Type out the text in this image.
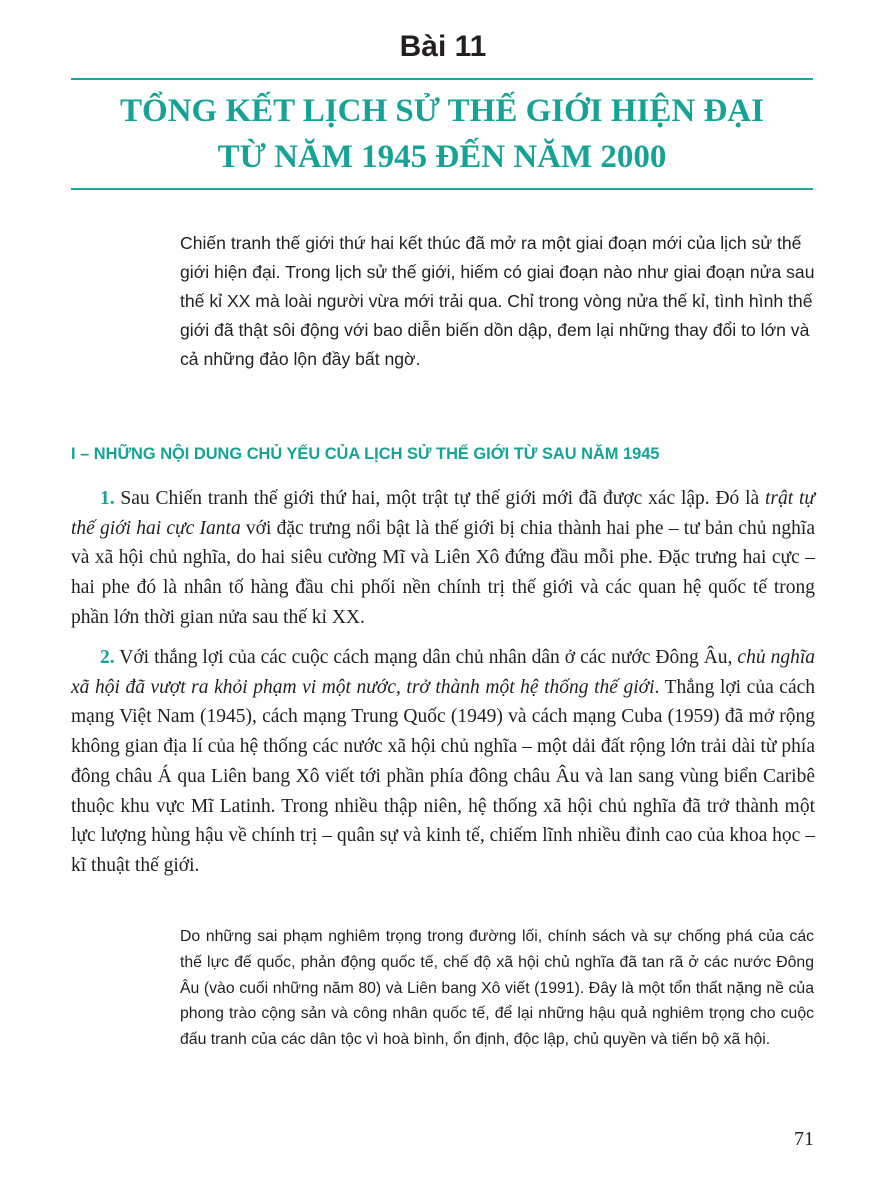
Bài 11
TỔNG KẾT LỊCH SỬ THẾ GIỚI HIỆN ĐẠI
TỪ NĂM 1945 ĐẾN NĂM 2000

Chiến tranh thế giới thứ hai kết thúc đã mở ra một giai đoạn mới của lịch sử thế giới hiện đại. Trong lịch sử thế giới, hiếm có giai đoạn nào như giai đoạn nửa sau thế kỉ XX mà loài người vừa mới trải qua. Chỉ trong vòng nửa thế kỉ, tình hình thế giới đã thật sôi động với bao diễn biến dồn dập, đem lại những thay đổi to lớn và cả những đảo lộn đầy bất ngờ.

I – NHỮNG NỘI DUNG CHỦ YẾU CỦA LỊCH SỬ THẾ GIỚI TỪ SAU NĂM 1945

1. Sau Chiến tranh thế giới thứ hai, một trật tự thế giới mới đã được xác lập. Đó là trật tự thế giới hai cực Ianta với đặc trưng nổi bật là thế giới bị chia thành hai phe – tư bản chủ nghĩa và xã hội chủ nghĩa, do hai siêu cường Mĩ và Liên Xô đứng đầu mỗi phe. Đặc trưng hai cực – hai phe đó là nhân tố hàng đầu chi phối nền chính trị thế giới và các quan hệ quốc tế trong phần lớn thời gian nửa sau thế kỉ XX.

2. Với thắng lợi của các cuộc cách mạng dân chủ nhân dân ở các nước Đông Âu, chủ nghĩa xã hội đã vượt ra khỏi phạm vi một nước, trở thành một hệ thống thế giới. Thắng lợi của cách mạng Việt Nam (1945), cách mạng Trung Quốc (1949) và cách mạng Cuba (1959) đã mở rộng không gian địa lí của hệ thống các nước xã hội chủ nghĩa – một dải đất rộng lớn trải dài từ phía đông châu Á qua Liên bang Xô viết tới phần phía đông châu Âu và lan sang vùng biển Caribê thuộc khu vực Mĩ Latinh. Trong nhiều thập niên, hệ thống xã hội chủ nghĩa đã trở thành một lực lượng hùng hậu về chính trị – quân sự và kinh tế, chiếm lĩnh nhiều đỉnh cao của khoa học – kĩ thuật thế giới.

Do những sai phạm nghiêm trọng trong đường lối, chính sách và sự chống phá của các thế lực đế quốc, phản động quốc tế, chế độ xã hội chủ nghĩa đã tan rã ở các nước Đông Âu (vào cuối những năm 80) và Liên bang Xô viết (1991). Đây là một tổn thất nặng nề của phong trào cộng sản và công nhân quốc tế, để lại những hậu quả nghiêm trọng cho cuộc đấu tranh của các dân tộc vì hoà bình, ổn định, độc lập, chủ quyền và tiến bộ xã hội.

71
